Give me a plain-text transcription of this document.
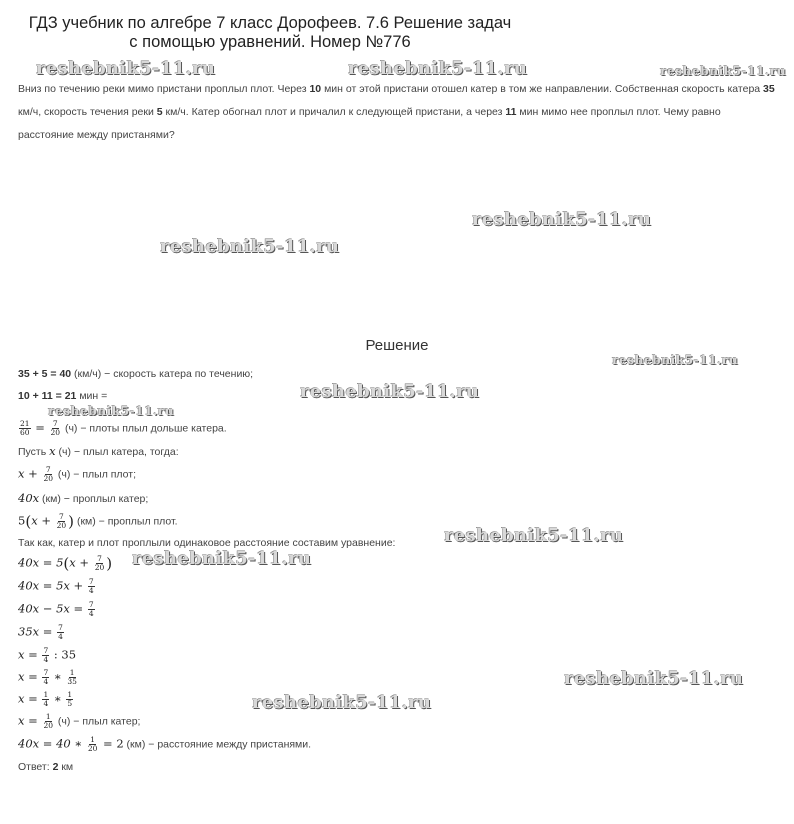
ГДЗ учебник по алгебре 7 класс Дорофеев. 7.6 Решение задач
с помощью уравнений. Номер №776
Вниз по течению реки мимо пристани проплыл плот. Через 10 мин от этой пристани отошел катер в том же направлении. Собственная скорость катера 35 км/ч, скорость течения реки 5 км/ч. Катер обогнал плот и причалил к следующей пристани, а через 11 мин мимо нее проплыл плот. Чему равно расстояние между пристанями?
Решение
35 + 5 = 40 (км/ч) − скорость катера по течению;
10 + 11 = 21 мин =
$\frac{21}{60} = \frac{7}{20} (ч)$ − плоты плыл дольше катера.
Пусть x (ч) − плыл катера, тогда:
$x + \frac{7}{20} (ч)$ − плыл плот;
40x (км) − проплыл катер;
$5(x + \frac{7}{20}$ ) (км) − проплыл плот.
Так как, катер и плот проплыли одинаковое расстояние составим уравнение:
$40x = 5(x + \frac{7}{20}$ )
$40x = 5x + \frac{7}{4}$
$40x - 5x = \frac{7}{4}$
$35x = \frac{7}{4}$
$x = \frac{7}{4}$ : 35
$x = \frac{7}{4}$ ∗ $\frac{1}{35}$
$x = \frac{1}{4}$ ∗ $\frac{1}{5}$
$x = \frac{1}{20} (ч)$ − плыл катер;
40x = 40 ∗ $\frac{1}{20} = 2$ (км) − расстояние между пристанями.
Ответ: 2 км
reshebnik5-11.ru	reshebnik5-11.ru	reshebnik5-11.ru
reshebnik5-11.ru
reshebnik5-11.ru
reshebnik5-11.ru
reshebnik5-11.ru
reshebnik5-11.ru
reshebnik5-11.ru
reshebnik5-11.ru
reshebnik5-11.ru
reshebnik5-11.ru
